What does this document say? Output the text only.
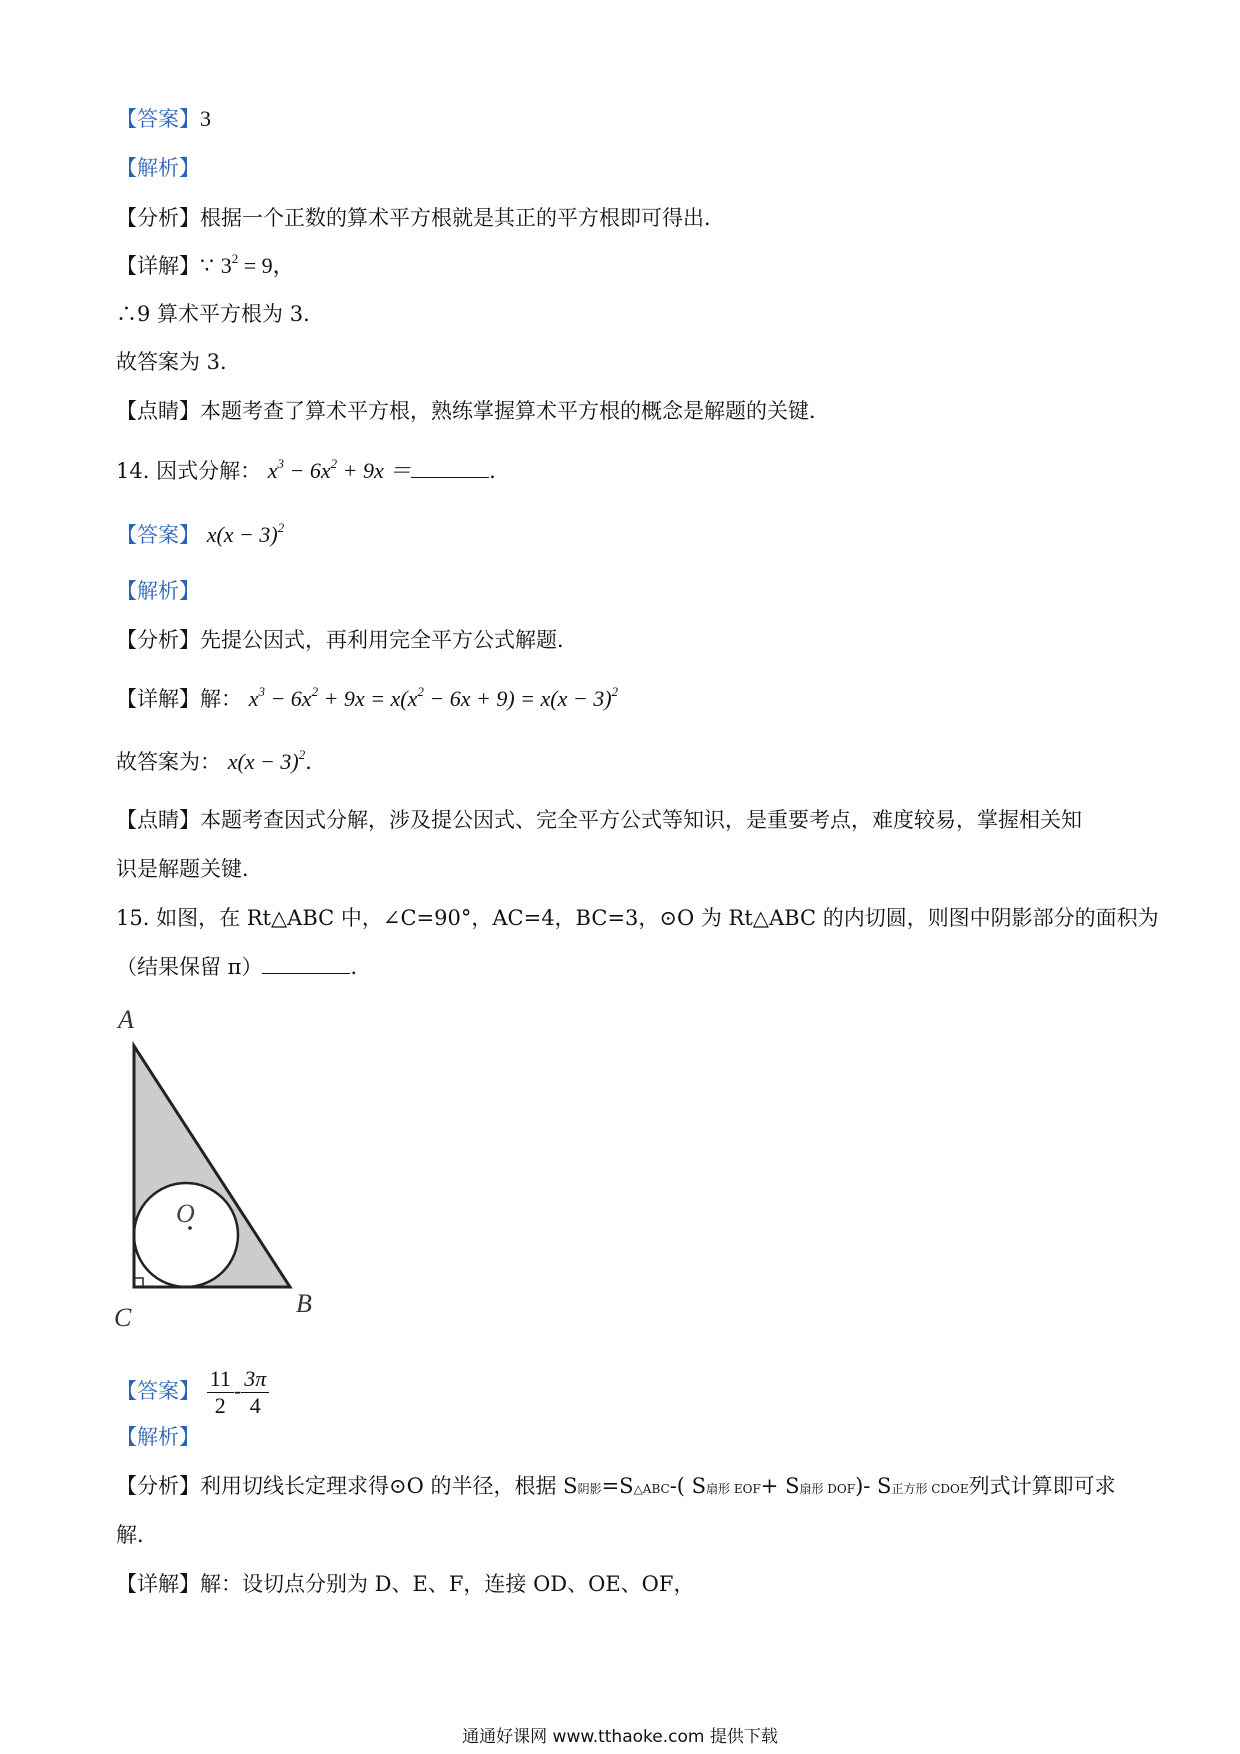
【答案】3
【解析】
【分析】根据一个正数的算术平方根就是其正的平方根即可得出．
【详解】∵ $3^2 = 9$，
∴9 算术平方根为 3．
故答案为 3．
【点睛】本题考查了算术平方根，熟练掌握算术平方根的概念是解题的关键．
14. 因式分解： $x^3 - 6x^2 + 9x$ ＝	．
【答案】 $x(x - 3)^2$
【解析】
【分析】先提公因式，再利用完全平方公式解题．
【详解】解： $x^3 - 6x^2 + 9x = x(x^2 - 6x + 9) = x(x - 3)^2$
故答案为： $x(x - 3)^2$．
【点睛】本题考查因式分解，涉及提公因式、完全平方公式等知识，是重要考点，难度较易，掌握相关知
识是解题关键．
15. 如图，在 Rt△ABC 中，∠C=90°，AC=4，BC=3，⊙O 为 Rt△ABC 的内切圆，则图中阴影部分的面积为
（结果保留 π）	．
A
B
C
O
【答案】 $\frac{11}{2} - \frac{3\pi}{4}$
【解析】
【分析】利用切线长定理求得⊙O 的半径，根据 S阴影=S△ABC-( S扇形 EOF+ S扇形 DOF)- S正方形 CDOE列式计算即可求
解．
【详解】解：设切点分别为 D、E、F，连接 OD、OE、OF，
通通好课网 www.tthaoke.com 提供下载
